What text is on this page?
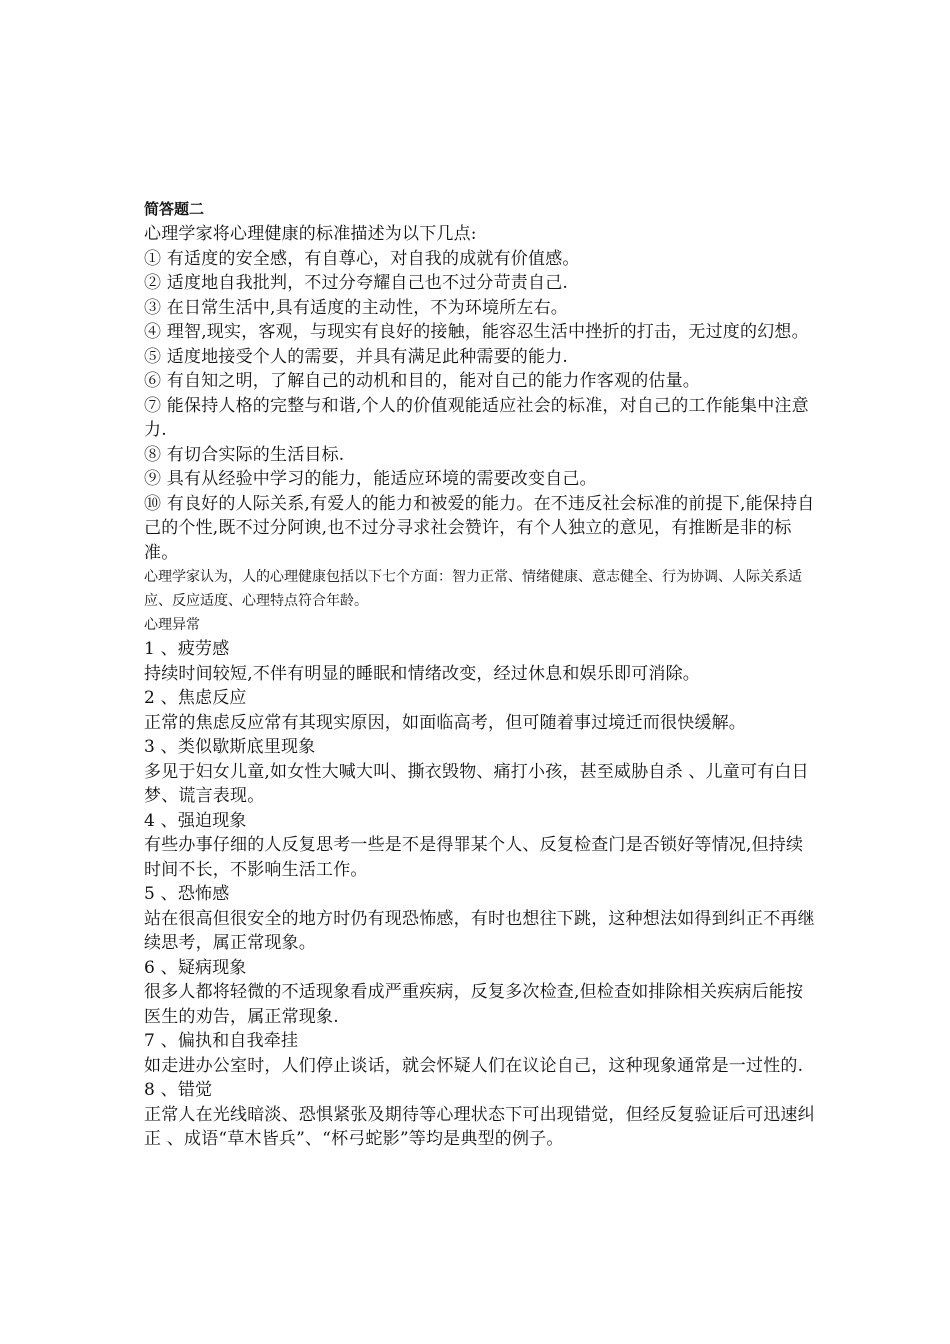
简答题二

心理学家将心理健康的标准描述为以下几点:

① 有适度的安全感，有自尊心，对自我的成就有价值感。

② 适度地自我批判，不过分夸耀自己也不过分苛责自己.

③ 在日常生活中,具有适度的主动性，不为环境所左右。

④ 理智,现实，客观，与现实有良好的接触，能容忍生活中挫折的打击，无过度的幻想。

⑤ 适度地接受个人的需要，并具有满足此种需要的能力.

⑥ 有自知之明，了解自己的动机和目的，能对自己的能力作客观的估量。

⑦ 能保持人格的完整与和谐,个人的价值观能适应社会的标准，对自己的工作能集中注意力.

⑧ 有切合实际的生活目标.

⑨ 具有从经验中学习的能力，能适应环境的需要改变自己。

⑩ 有良好的人际关系,有爱人的能力和被爱的能力。在不违反社会标准的前提下,能保持自己的个性,既不过分阿谀,也不过分寻求社会赞许，有个人独立的意见，有推断是非的标准。

心理学家认为，人的心理健康包括以下七个方面：智力正常、情绪健康、意志健全、行为协调、人际关系适应、反应适度、心理特点符合年龄。

心理异常

1 、疲劳感

持续时间较短,不伴有明显的睡眠和情绪改变，经过休息和娱乐即可消除。

2 、焦虑反应

正常的焦虑反应常有其现实原因，如面临高考，但可随着事过境迁而很快缓解。

3 、类似歇斯底里现象

多见于妇女儿童,如女性大喊大叫、撕衣毁物、痛打小孩，甚至威胁自杀 、儿童可有白日梦、谎言表现。

4 、强迫现象

有些办事仔细的人反复思考一些是不是得罪某个人、反复检查门是否锁好等情况,但持续时间不长，不影响生活工作。

5 、恐怖感

站在很高但很安全的地方时仍有现恐怖感，有时也想往下跳，这种想法如得到纠正不再继续思考，属正常现象。

6 、疑病现象

很多人都将轻微的不适现象看成严重疾病，反复多次检查,但检查如排除相关疾病后能按医生的劝告，属正常现象.

7 、偏执和自我牵挂

如走进办公室时，人们停止谈话，就会怀疑人们在议论自己，这种现象通常是一过性的.

8 、错觉

正常人在光线暗淡、恐惧紧张及期待等心理状态下可出现错觉，但经反复验证后可迅速纠正 、成语“草木皆兵”、“杯弓蛇影”等均是典型的例子。
